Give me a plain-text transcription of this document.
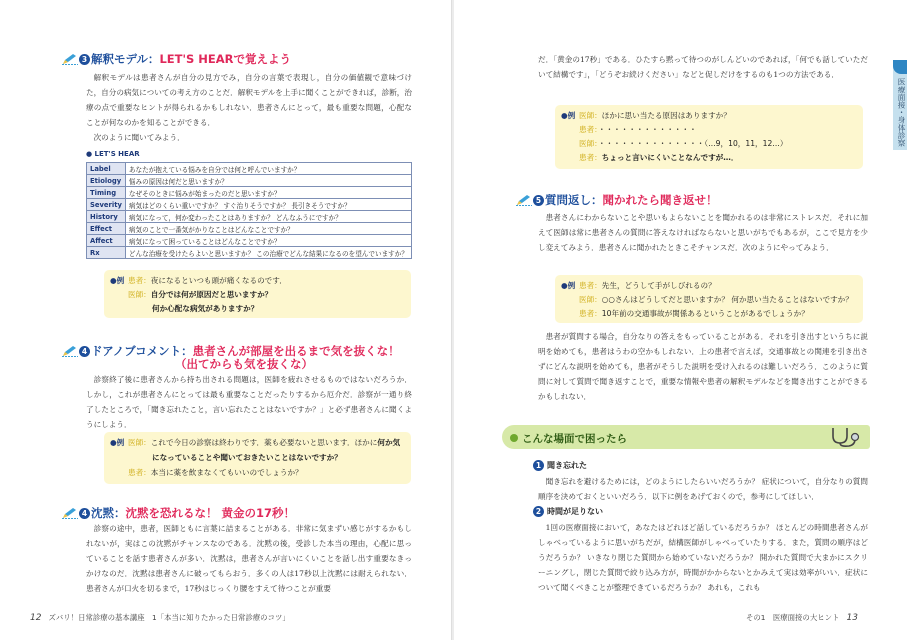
3 解釈モデル：LET'S HEARで覚えよう
解釈モデルは患者さんが自分の見方でみ，自分の言葉で表現し，自分の価値観で意味づけた，自分の病気についての考え方のことだ．解釈モデルを上手に聞くことができれば，診断，治療の点で重要なヒントが得られるかもしれない．患者さんにとって，最も重要な問題，心配なことが何なのかを知ることができる．
次のように聞いてみよう．
● LET'S HEAR
Label	あなたが抱えている悩みを自分では何と呼んでいますか？
Etiology	悩みの原因は何だと思いますか？
Timing	なぜそのときに悩みが始まったのだと思いますか？
Severity	病気はどのくらい重いですか？ すぐ治りそうですか？ 長引きそうですか？
History	病気になって，何か変わったことはありますか？ どんなふうにですか？
Effect	病気のことで一番気がかりなことはどんなことですか？
Affect	病気になって困っていることはどんなことですか？
Rx	どんな治療を受けたらよいと思いますか？ この治療でどんな結果になるのを望んでいますか？
●例 患者：夜になるといつも頭が痛くなるのです．
医師：自分では何が原因だと思いますか？
何か心配な病気がありますか？
4 ドアノブコメント：患者さんが部屋を出るまで気を抜くな！
（出てからも気を抜くな）
診察終了後に患者さんから持ち出される問題は，医師を疲れさせるものではないだろうか．しかし，これが患者さんにとっては最も重要なことだったりするから厄介だ．診察が一通り終了したところで，「聞き忘れたこと，言い忘れたことはないですか？」と必ず患者さんに聞くようにしよう．
●例 医師：これで今日の診察は終わりです．薬も必要ないと思います．ほかに何か気
になっていることや聞いておきたいことはないですか？
患者：本当に薬を飲まなくてもいいのでしょうか？
4 沈黙：沈黙を恐れるな！ 黄金の17秒！
診察の途中，患者，医師ともに言葉に詰まることがある．非常に気まずい感じがするかもしれないが，実はこの沈黙がチャンスなのである．沈黙の後，受診した本当の理由，心配に思っていることを話す患者さんが多い．沈黙は，患者さんが言いにくいことを話し出す重要なきっかけなのだ．沈黙は患者さんに破ってもらおう．多くの人は17秒以上沈黙には耐えられない．患者さんが口火を切るまで，17秒はじっくり腰をすえて待つことが重要
12 ズバリ！日常診療の基本講座　1「本当に知りたかった日常診療のコツ」
だ．「黄金の17秒」である．ひたすら黙って待つのがしんどいのであれば，「何でも話していただいて結構です」，「どうぞお続けください」などと促しだけをするのも1つの方法である．
●例 医師：ほかに思い当たる原因はありますか？
患者：・・・・・・・・・・・・・
医師：・・・・・・・・・・・・・・（…9，10，11，12…）
患者：ちょっと言いにくいことなんですが…．
5 質問返し：聞かれたら聞き返せ！
患者さんにわからないことや思いもよらないことを聞かれるのは非常にストレスだ．それに加えて医師は常に患者さんの質問に答えなければならないと思いがちでもあるが，ここで見方を少し変えてみよう．患者さんに聞かれたときこそチャンスだ．次のようにやってみよう．
●例 患者：先生，どうして手がしびれるの？
医師：○○さんはどうしてだと思いますか？ 何か思い当たることはないですか？
患者：10年前の交通事故が関係あるということがあるでしょうか？
患者が質問する場合，自分なりの答えをもっていることがある．それを引き出すというちに説明を始めても，患者はうわの空かもしれない．上の患者で言えば，交通事故との関連を引き出さずにどんな説明を始めても，患者がそうした説明を受け入れるのは難しいだろう．このように質問に対して質問で聞き返すことで，重要な情報や患者の解釈モデルなどを聞き出すことができるかもしれない．
こんな場面で困ったら
1 聞き忘れた
聞き忘れを避けるためには，どのようにしたらいいだろうか？ 症状について，自分なりの質問順序を決めておくといいだろう．以下に例をあげておくので，参考にしてほしい．
2 時間が足りない
1回の医療面接において，あなたはどれほど話しているだろうか？ ほとんどの時間患者さんがしゃべっているように思いがちだが，結構医師がしゃべっていたりする．また，質問の順序はどうだろうか？ いきなり閉じた質問から始めていないだろうか？ 開かれた質問で大まかにスクリーニングし，閉じた質問で絞り込み方が，時間がかからないとかみえて実は効率がいい．症状について聞くべきことが整理できているだろうか？ あれも，これも
医療面接・身体診察
その1　医療面接の大ヒント 13
